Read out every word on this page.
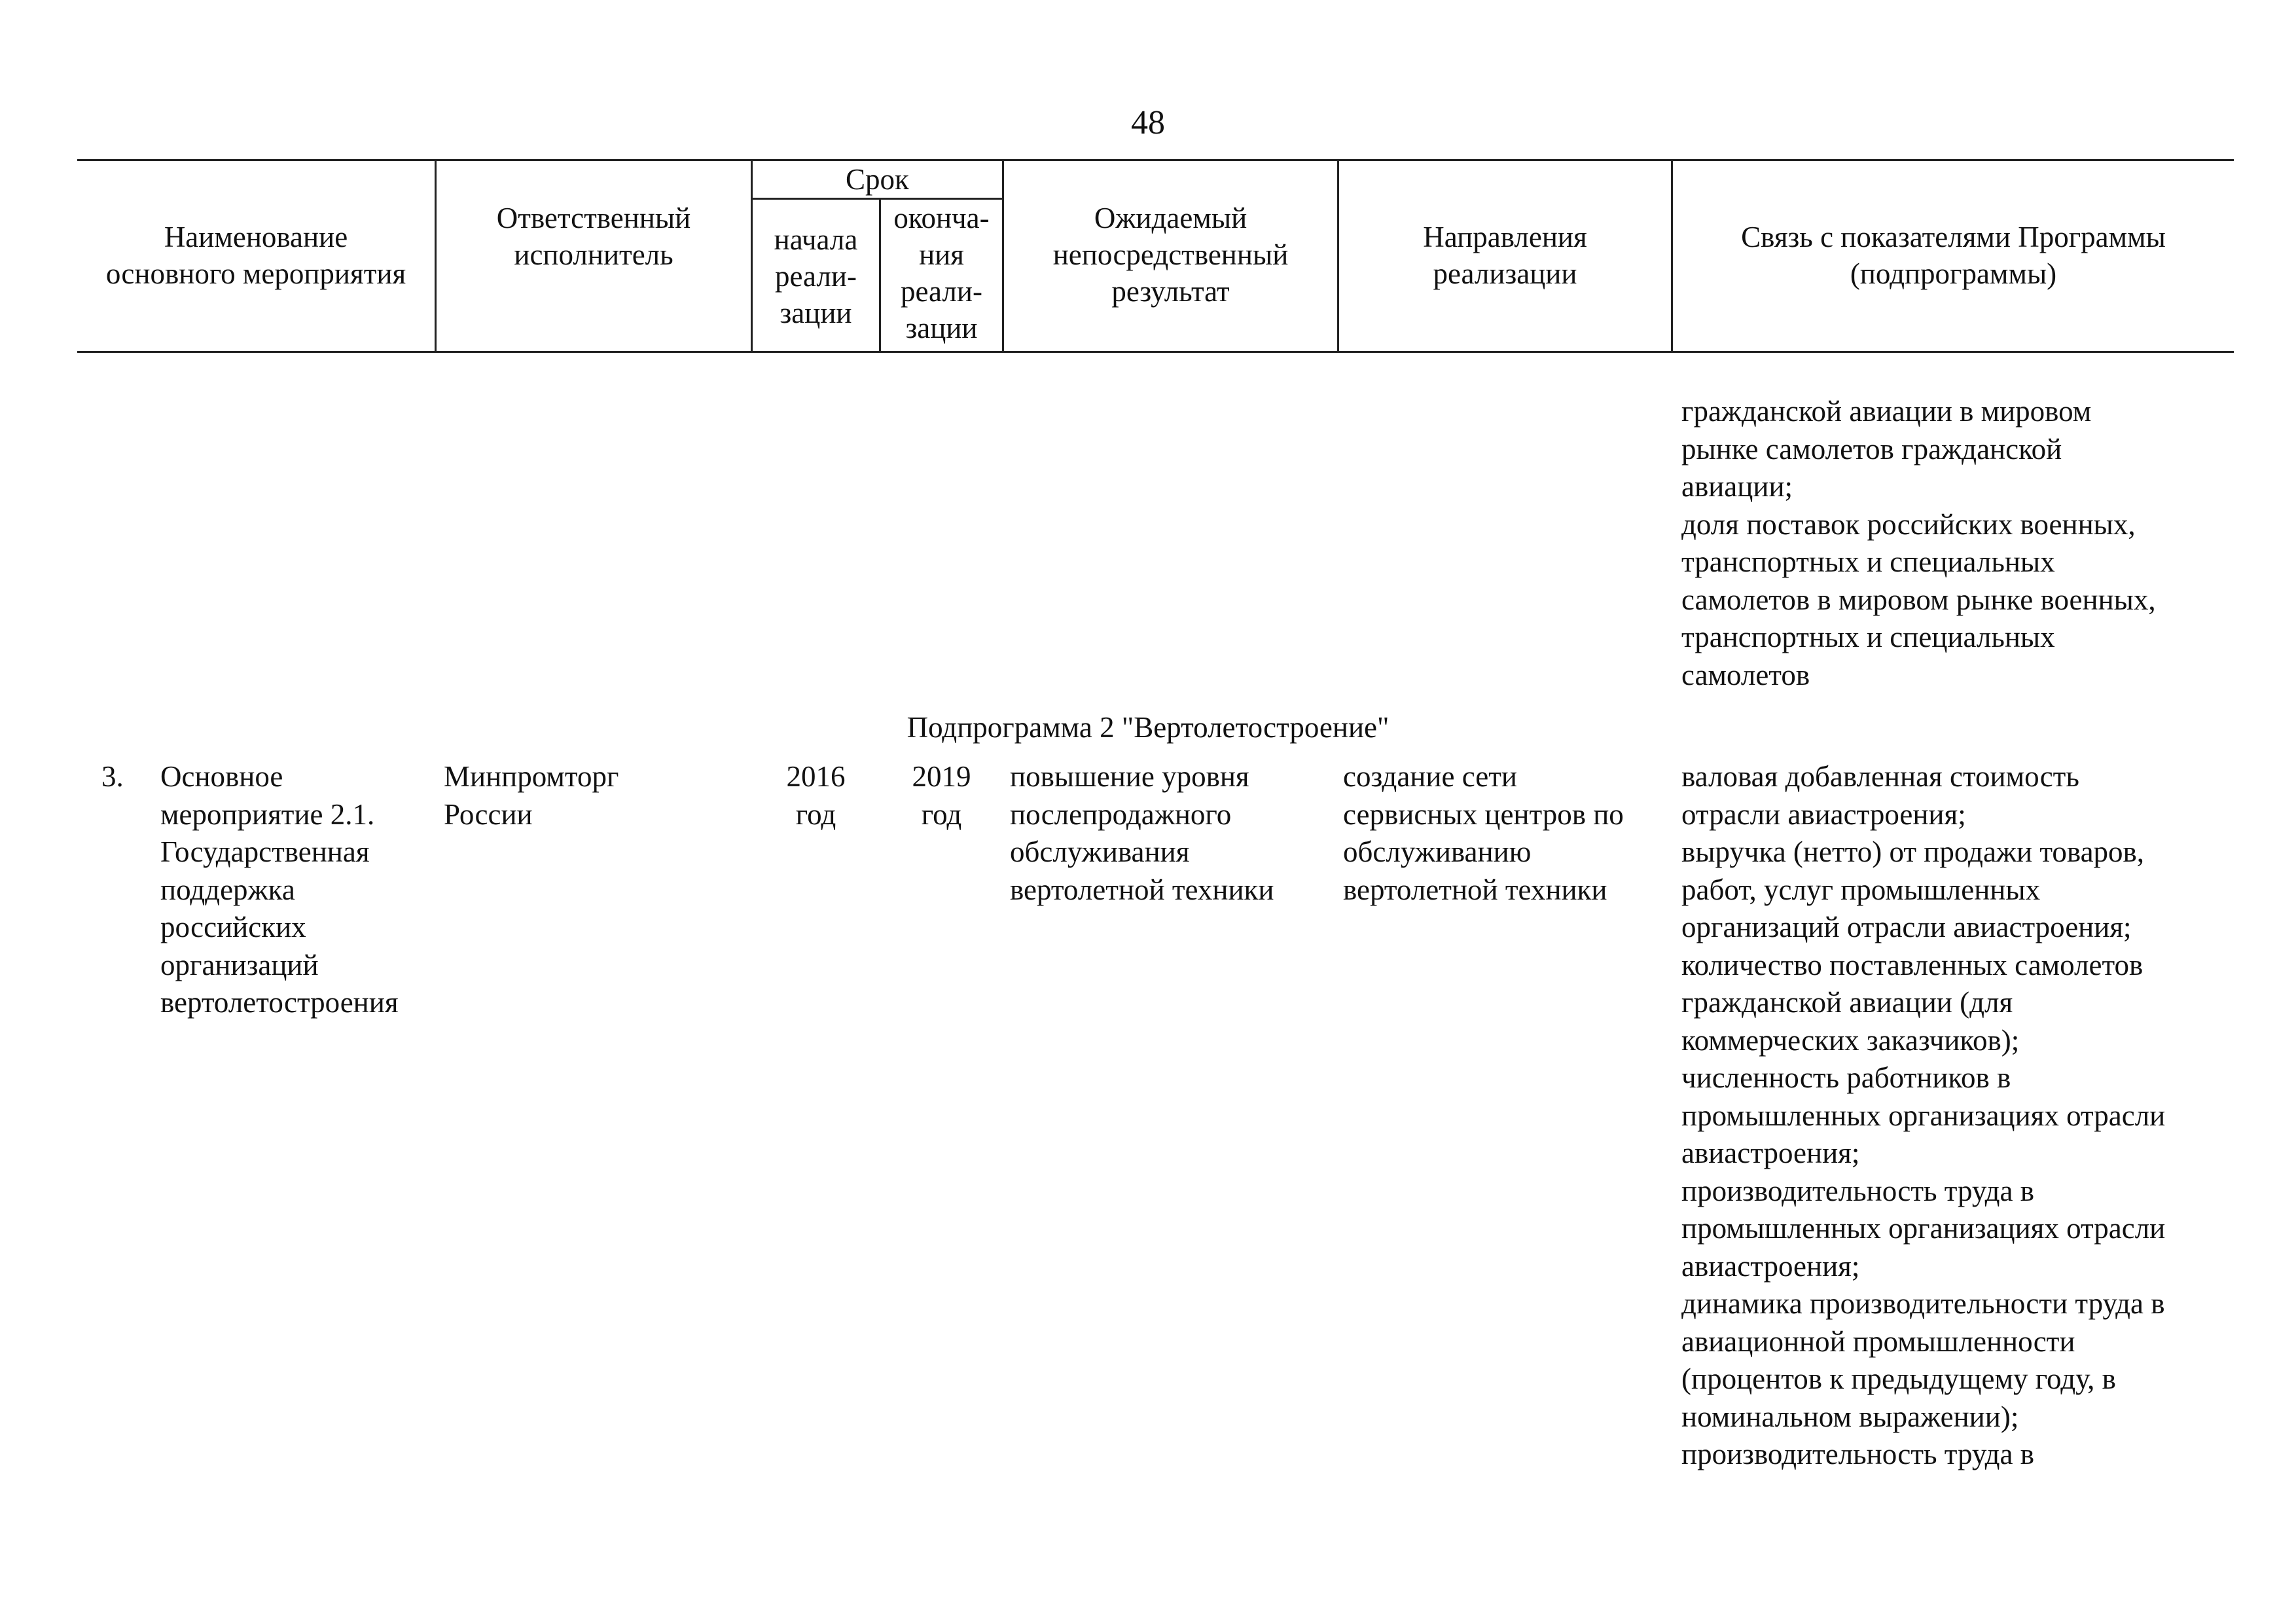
48
Наименование
основного мероприятия
Ответственный
исполнитель
Срок
начала
реали-
зации
оконча-
ния
реали-
зации
Ожидаемый
непосредственный
результат
Направления
реализации
Связь с показателями Программы
(подпрограммы)
гражданской авиации в мировом
рынке самолетов гражданской
авиации;
доля поставок российских военных,
транспортных и специальных
самолетов в мировом рынке военных,
транспортных и специальных
самолетов
Подпрограмма 2 "Вертолетостроение"
3. Основное
мероприятие 2.1.
Государственная
поддержка
российских
организаций
вертолетостроения
Минпромторг
России
2016
год
2019
год
повышение уровня
послепродажного
обслуживания
вертолетной техники
создание сети
сервисных центров по
обслуживанию
вертолетной техники
валовая добавленная стоимость
отрасли авиастроения;
выручка (нетто) от продажи товаров,
работ, услуг промышленных
организаций отрасли авиастроения;
количество поставленных самолетов
гражданской авиации (для
коммерческих заказчиков);
численность работников в
промышленных организациях отрасли
авиастроения;
производительность труда в
промышленных организациях отрасли
авиастроения;
динамика производительности труда в
авиационной промышленности
(процентов к предыдущему году, в
номинальном выражении);
производительность труда в
